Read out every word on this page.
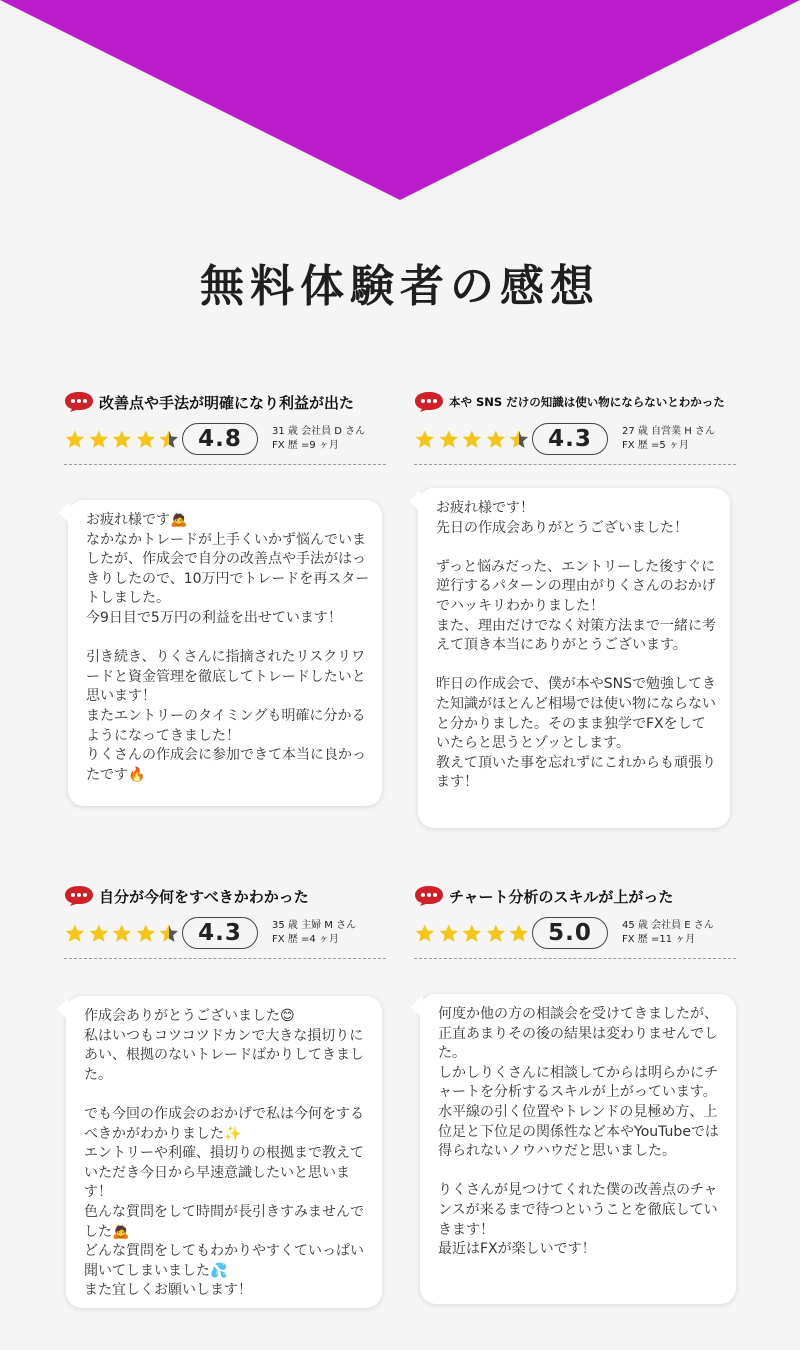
無料体験者の感想
改善点や手法が明確になり利益が出た
4.8	31 歳 会社員 D さん
FX 歴 =9 ヶ月
お疲れ様です🙇
なかなかトレードが上手くいかず悩んでいましたが、作成会で自分の改善点や手法がはっきりしたので、10万円でトレードを再スタートしました。
今9日目で5万円の利益を出せています！

引き続き、りくさんに指摘されたリスクリワードと資金管理を徹底してトレードしたいと思います！
またエントリーのタイミングも明確に分かるようになってきました！
りくさんの作成会に参加できて本当に良かったです🔥
本や SNS だけの知識は使い物にならないとわかった
4.3	27 歳 自営業 H さん
FX 歴 =5 ヶ月
お疲れ様です！
先日の作成会ありがとうございました！

ずっと悩みだった、エントリーした後すぐに逆行するパターンの理由がりくさんのおかげでハッキリわかりました！
また、理由だけでなく対策方法まで一緒に考えて頂き本当にありがとうございます。

昨日の作成会で、僕が本やSNSで勉強してきた知識がほとんど相場では使い物にならないと分かりました。そのまま独学でFXをしていたらと思うとゾッとします。
教えて頂いた事を忘れずにこれからも頑張ります！
自分が今何をすべきかわかった
4.3	35 歳 主婦 M さん
FX 歴 =4 ヶ月
作成会ありがとうございました😊
私はいつもコツコツドカンで大きな損切りにあい、根拠のないトレードばかりしてきました。

でも今回の作成会のおかげで私は今何をするべきかがわかりました✨
エントリーや利確、損切りの根拠まで教えていただき今日から早速意識したいと思います！
色んな質問をして時間が長引きすみませんでした🙇
どんな質問をしてもわかりやすくていっぱい聞いてしまいました💦
また宜しくお願いします！
チャート分析のスキルが上がった
5.0	45 歳 会社員 E さん
FX 歴 =11 ヶ月
何度か他の方の相談会を受けてきましたが、正直あまりその後の結果は変わりませんでした。
しかしりくさんに相談してからは明らかにチャートを分析するスキルが上がっています。
水平線の引く位置やトレンドの見極め方、上位足と下位足の関係性など本やYouTubeでは得られないノウハウだと思いました。

りくさんが見つけてくれた僕の改善点のチャンスが来るまで待つということを徹底していきます！
最近はFXが楽しいです！
